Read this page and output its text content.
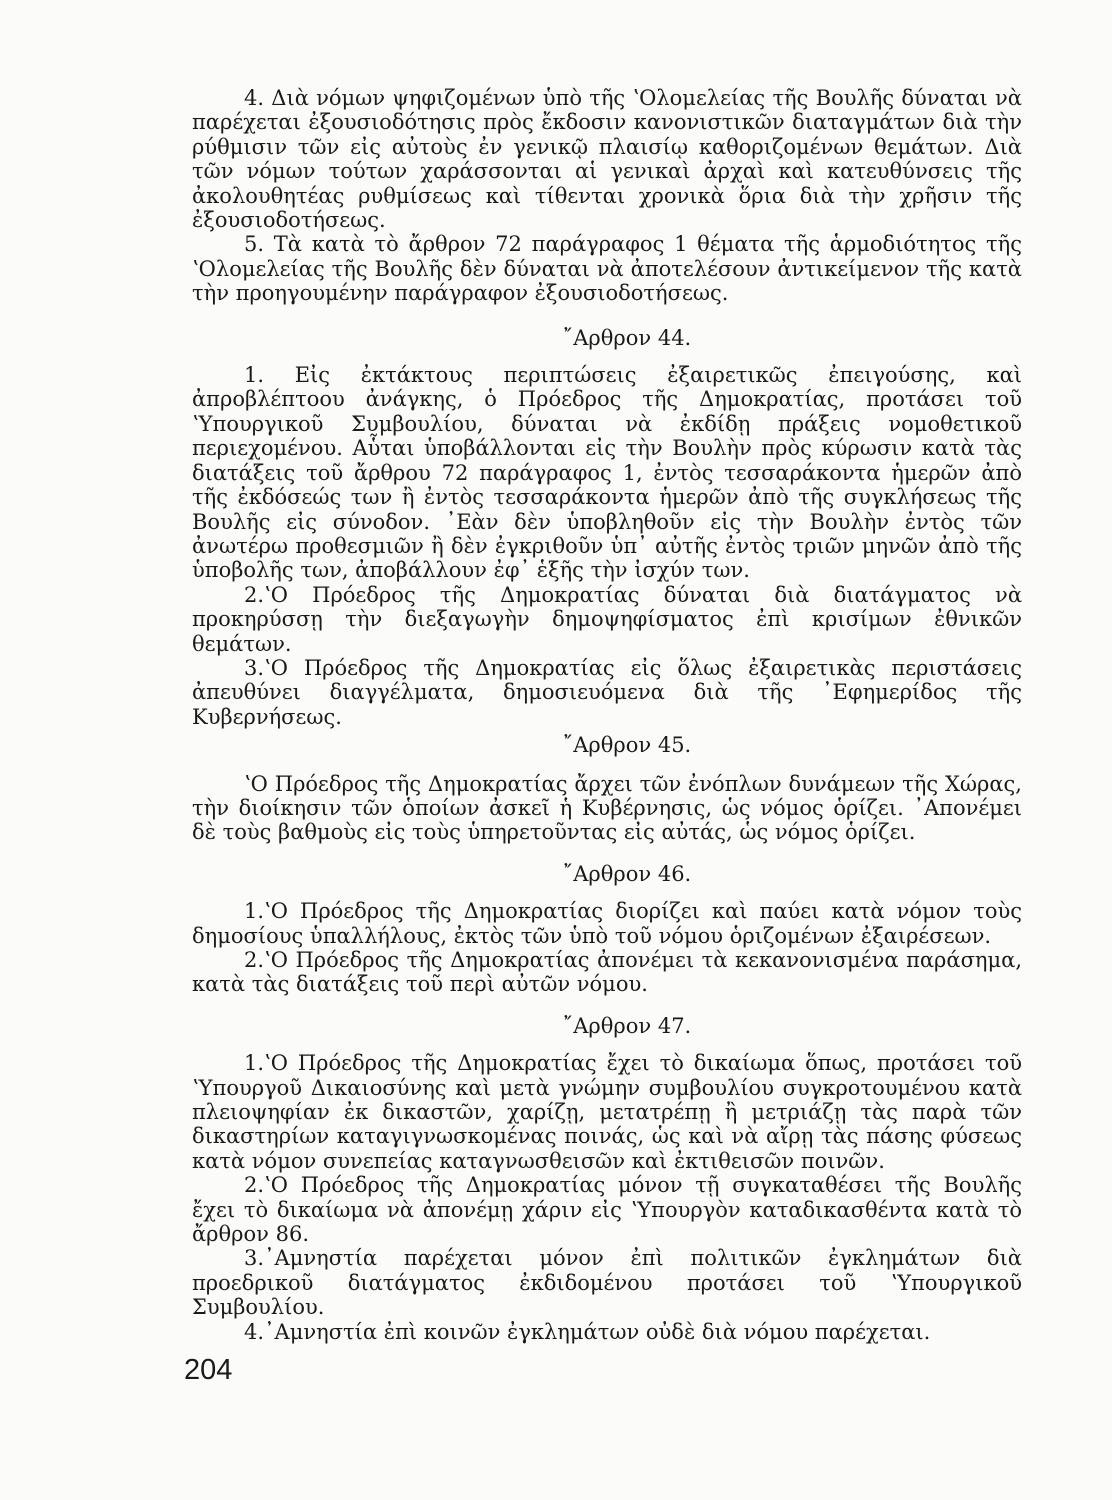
4. Διὰ νόμων ψηφιζομένων ὑπὸ τῆς ʽΟλομελείας τῆς Βουλῆς δύναται νὰ παρέχεται ἐξουσιοδότησις πρὸς ἔκδοσιν κανονιστικῶν διαταγμάτων διὰ τὴν ρύθμισιν τῶν εἰς αὐτοὺς ἐν γενικῷ πλαισίῳ καθοριζομένων θεμάτων. Διὰ τῶν νόμων τούτων χαράσσονται αἱ γενικαὶ ἀρχαὶ καὶ κατευθύνσεις τῆς ἀκολουθητέας ρυθμίσεως καὶ τίθενται χρονικὰ ὅρια διὰ τὴν χρῆσιν τῆς ἐξουσιοδοτήσεως.

5. Τὰ κατὰ τὸ ἄρθρον 72 παράγραφος 1 θέματα τῆς ἁρμοδιότητος τῆς ʽΟλομελείας τῆς Βουλῆς δὲν δύναται νὰ ἀποτελέσουν ἀντικείμενον τῆς κατὰ τὴν προηγουμένην παράγραφον ἐξουσιοδοτήσεως.

῎Αρθρον 44.

1. Εἰς ἐκτάκτους περιπτώσεις ἐξαιρετικῶς ἐπειγούσης, καὶ ἀπροβλέπτοου ἀνάγκης, ὁ Πρόεδρος τῆς Δημοκρατίας, προτάσει τοῦ ʽΥπουργικοῦ Συμβουλίου, δύναται νὰ ἐκδίδῃ πράξεις νομοθετικοῦ περιεχομένου. Αὗται ὑποβάλλονται εἰς τὴν Βουλὴν πρὸς κύρωσιν κατὰ τὰς διατάξεις τοῦ ἄρθρου 72 παράγραφος 1, ἐντὸς τεσσαράκοντα ἡμερῶν ἀπὸ τῆς ἐκδόσεώς των ἢ ἐντὸς τεσσαράκοντα ἡμερῶν ἀπὸ τῆς συγκλήσεως τῆς Βουλῆς εἰς σύνοδον. ᾿Εὰν δὲν ὑποβληθοῦν εἰς τὴν Βουλὴν ἐντὸς τῶν ἀνωτέρω προθεσμιῶν ἢ δὲν ἐγκριθοῦν ὑπ᾿ αὐτῆς ἐντὸς τριῶν μηνῶν ἀπὸ τῆς ὑποβολῆς των, ἀποβάλλουν ἐφ᾿ ἑξῆς τὴν ἰσχύν των.

2.ʽΟ Πρόεδρος τῆς Δημοκρατίας δύναται διὰ διατάγματος νὰ προκηρύσσῃ τὴν διεξαγωγὴν δημοψηφίσματος ἐπὶ κρισίμων ἐθνικῶν θεμάτων.

3.ʽΟ Πρόεδρος τῆς Δημοκρατίας εἰς ὅλως ἐξαιρετικὰς περιστάσεις ἀπευθύνει διαγγέλματα, δημοσιευόμενα διὰ τῆς ᾿Εφημερίδος τῆς Κυβερνήσεως.

῎Αρθρον 45.

ʽΟ Πρόεδρος τῆς Δημοκρατίας ἄρχει τῶν ἐνόπλων δυνάμεων τῆς Χώρας, τὴν διοίκησιν τῶν ὁποίων ἀσκεῖ ἡ Κυβέρνησις, ὡς νόμος ὁρίζει. ᾿Απονέμει δὲ τοὺς βαθμοὺς εἰς τοὺς ὑπηρετοῦντας εἰς αὐτάς, ὡς νόμος ὁρίζει.

῎Αρθρον 46.

1.ʽΟ Πρόεδρος τῆς Δημοκρατίας διορίζει καὶ παύει κατὰ νόμον τοὺς δημοσίους ὑπαλλήλους, ἐκτὸς τῶν ὑπὸ τοῦ νόμου ὁριζομένων ἐξαιρέσεων.

2.ʽΟ Πρόεδρος τῆς Δημοκρατίας ἀπονέμει τὰ κεκανονισμένα παράσημα, κατὰ τὰς διατάξεις τοῦ περὶ αὐτῶν νόμου.

῎Αρθρον 47.

1.ʽΟ Πρόεδρος τῆς Δημοκρατίας ἔχει τὸ δικαίωμα ὅπως, προτάσει τοῦ ʽΥπουργοῦ Δικαιοσύνης καὶ μετὰ γνώμην συμβουλίου συγκροτουμένου κατὰ πλειοψηφίαν ἐκ δικαστῶν, χαρίζῃ, μετατρέπῃ ἢ μετριάζῃ τὰς παρὰ τῶν δικαστηρίων καταγιγνωσκομένας ποινάς, ὡς καὶ νὰ αἴρῃ τὰς πάσης φύσεως κατὰ νόμον συνεπείας καταγνωσθεισῶν καὶ ἐκτιθεισῶν ποινῶν.

2.ʽΟ Πρόεδρος τῆς Δημοκρατίας μόνον τῇ συγκαταθέσει τῆς Βουλῆς ἔχει τὸ δικαίωμα νὰ ἀπονέμῃ χάριν εἰς ʽΥπουργὸν καταδικασθέντα κατὰ τὸ ἄρθρον 86.

3.᾿Αμνηστία παρέχεται μόνον ἐπὶ πολιτικῶν ἐγκλημάτων διὰ προεδρικοῦ διατάγματος ἐκδιδομένου προτάσει τοῦ ʽΥπουργικοῦ Συμβουλίου.

4.᾿Αμνηστία ἐπὶ κοινῶν ἐγκλημάτων οὐδὲ διὰ νόμου παρέχεται.

204
